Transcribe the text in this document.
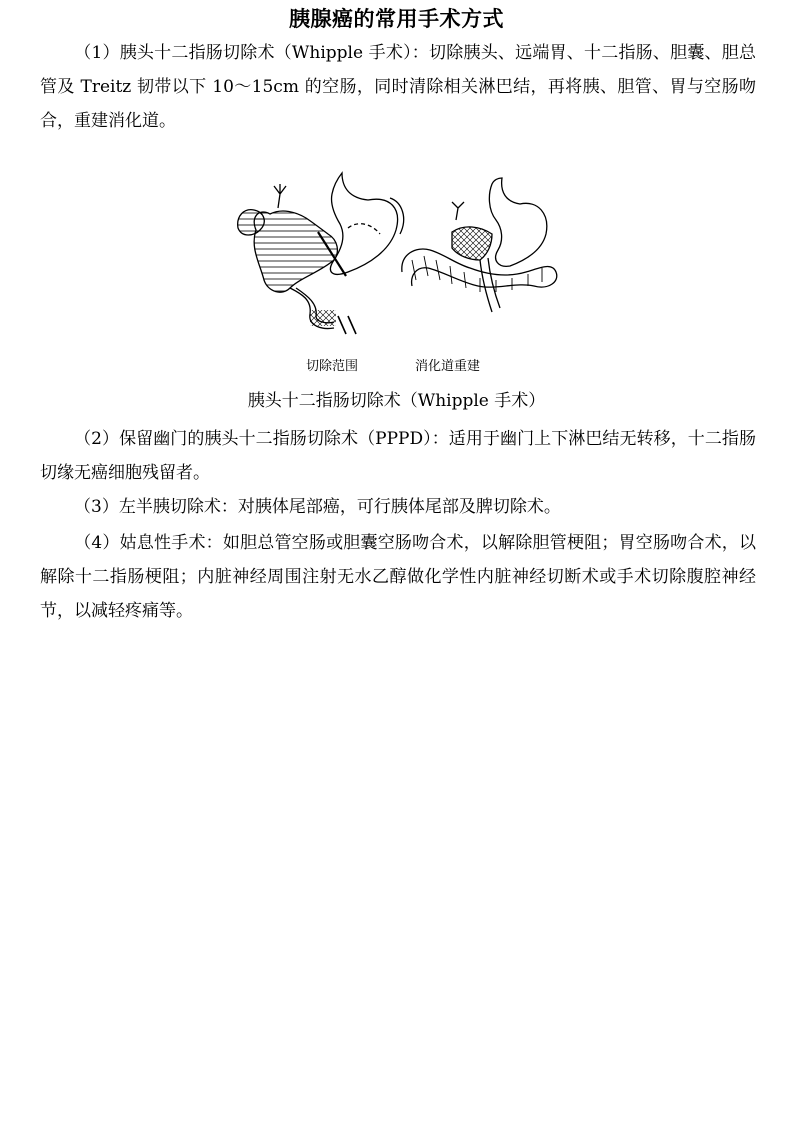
胰腺癌的常用手术方式

（1）胰头十二指肠切除术（Whipple 手术）：切除胰头、远端胃、十二指肠、胆囊、胆总管及 Treitz 韧带以下 10～15cm 的空肠，同时清除相关淋巴结，再将胰、胆管、胃与空肠吻合，重建消化道。

切除范围	消化道重建
胰头十二指肠切除术（Whipple 手术）

（2）保留幽门的胰头十二指肠切除术（PPPD）：适用于幽门上下淋巴结无转移，十二指肠切缘无癌细胞残留者。

（3）左半胰切除术：对胰体尾部癌，可行胰体尾部及脾切除术。

（4）姑息性手术：如胆总管空肠或胆囊空肠吻合术，以解除胆管梗阻；胃空肠吻合术，以解除十二指肠梗阻；内脏神经周围注射无水乙醇做化学性内脏神经切断术或手术切除腹腔神经节，以减轻疼痛等。
